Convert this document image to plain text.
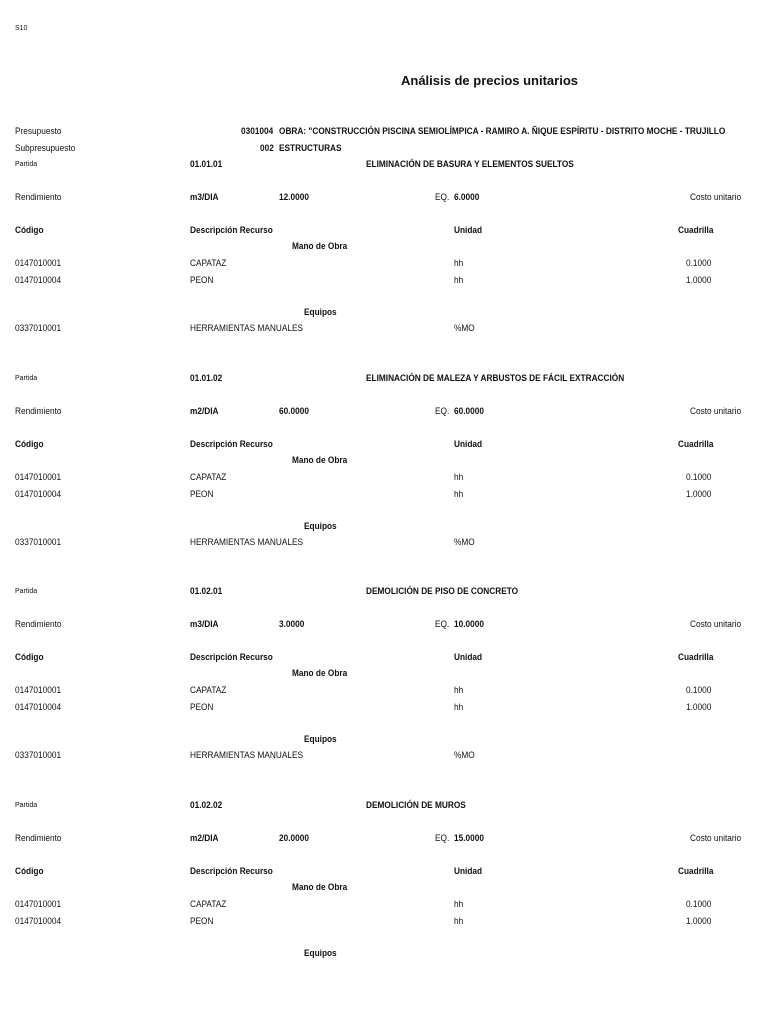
S10
Análisis de precios unitarios
Presupuesto	0301004 OBRA: "CONSTRUCCIÓN PISCINA SEMIOLÍMPICA - RAMIRO A. ÑIQUE ESPÍRITU - DISTRITO MOCHE - TRUJILLO
Subpresupuesto	002 ESTRUCTURAS
Partida	01.01.01	ELIMINACIÓN DE BASURA Y ELEMENTOS SUELTOS
Rendimiento	m3/DIA	12.0000	EQ. 6.0000	Costo unitario
Código	Descripción Recurso	Unidad	Cuadrilla
Mano de Obra
0147010001	CAPATAZ	hh	0.1000
0147010004	PEON	hh	1.0000
Equipos
0337010001	HERRAMIENTAS MANUALES	%MO
Partida	01.01.02	ELIMINACIÓN DE MALEZA Y ARBUSTOS DE FÁCIL EXTRACCIÓN
Rendimiento	m2/DIA	60.0000	EQ. 60.0000	Costo unitario
Código	Descripción Recurso	Unidad	Cuadrilla
Mano de Obra
0147010001	CAPATAZ	hh	0.1000
0147010004	PEON	hh	1.0000
Equipos
0337010001	HERRAMIENTAS MANUALES	%MO
Partida	01.02.01	DEMOLICIÓN DE PISO DE CONCRETO
Rendimiento	m3/DIA	3.0000	EQ. 10.0000	Costo unitario
Código	Descripción Recurso	Unidad	Cuadrilla
Mano de Obra
0147010001	CAPATAZ	hh	0.1000
0147010004	PEON	hh	1.0000
Equipos
0337010001	HERRAMIENTAS MANUALES	%MO
Partida	01.02.02	DEMOLICIÓN DE MUROS
Rendimiento	m2/DIA	20.0000	EQ. 15.0000	Costo unitario
Código	Descripción Recurso	Unidad	Cuadrilla
Mano de Obra
0147010001	CAPATAZ	hh	0.1000
0147010004	PEON	hh	1.0000
Equipos
